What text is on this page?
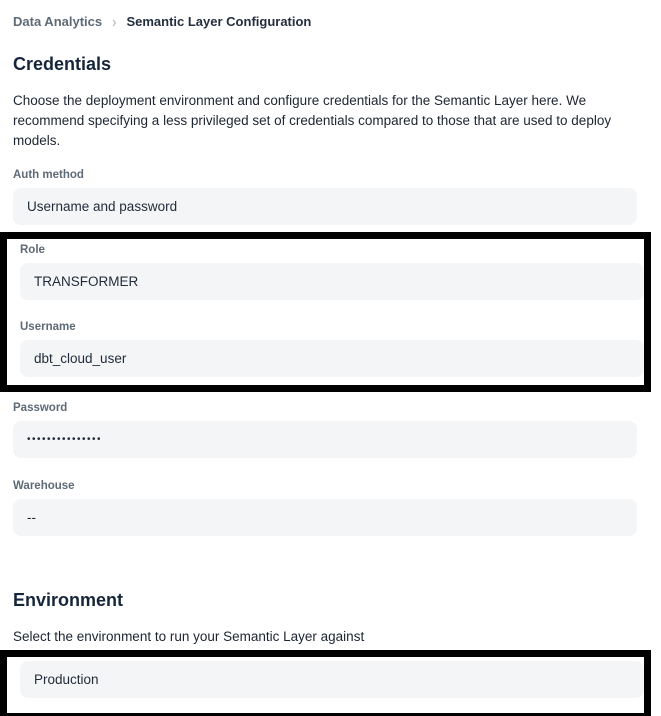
Data Analytics › Semantic Layer Configuration
Credentials

Choose the deployment environment and configure credentials for the Semantic Layer here. We recommend specifying a less privileged set of credentials compared to those that are used to deploy models.

Auth method
Username and password
Role
TRANSFORMER
Username
dbt_cloud_user
Password
•••••••••••••••
Warehouse
--
Environment

Select the environment to run your Semantic Layer against

Production
